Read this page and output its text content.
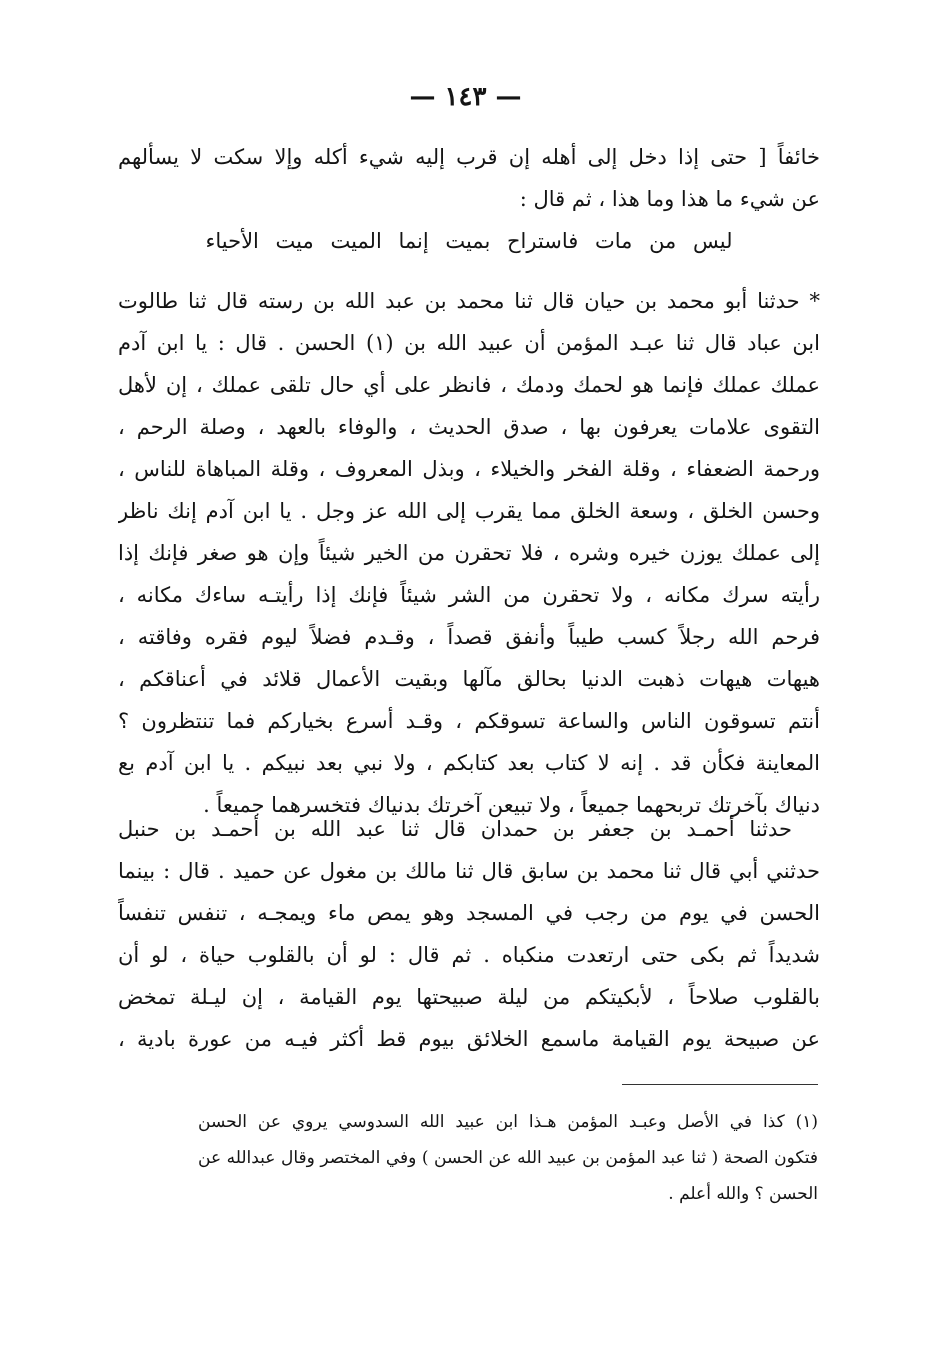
— ١٤٣ —
خائفاً [ حتى إذا دخل إلى أهله إن قرب إليه شيء أكله وإلا سكت لا يسألهم
عن شيء ما هذا وما هذا ، ثم قال :
ليس من مات فاستراح بميت إنما الميت ميت الأحياء
* حدثنا أبو محمد بن حيان قال ثنا محمد بن عبد الله بن رسته قال ثنا طالوت
ابن عباد قال ثنا عبـد المؤمن أن عبيد الله بن (١) الحسن . قال : يا ابن آدم
عملك عملك فإنما هو لحمك ودمك ، فانظر على أي حال تلقى عملك ، إن لأهل
التقوى علامات يعرفون بها ، صدق الحديث ، والوفاء بالعهد ، وصلة الرحم ،
ورحمة الضعفاء ، وقلة الفخر والخيلاء ، وبذل المعروف ، وقلة المباهاة للناس ،
وحسن الخلق ، وسعة الخلق مما يقرب إلى الله عز وجل . يا ابن آدم إنك ناظر
إلى عملك يوزن خيره وشره ، فلا تحقرن من الخير شيئاً وإن هو صغر فإنك إذا
رأيته سرك مكانه ، ولا تحقرن من الشر شيئاً فإنك إذا رأيتـه ساءك مكانه ،
فرحم الله رجلاً كسب طيباً وأنفق قصداً ، وقـدم فضلاً ليوم فقره وفاقته ،
هيهات هيهات ذهبت الدنيا بحالق مآلها وبقيت الأعمال قلائد في أعناقكم ،
أنتم تسوقون الناس والساعة تسوقكم ، وقـد أسرع بخياركم فما تنتظرون ؟
المعاينة فكأن قد . إنه لا كتاب بعد كتابكم ، ولا نبي بعد نبيكم . يا ابن آدم بع
دنياك بآخرتك تربحهما جميعاً ، ولا تبيعن آخرتك بدنياك فتخسرهما جميعاً .
حدثنا أحمـد بن جعفر بن حمدان قال ثنا عبد الله بن أحمـد بن حنبل
حدثني أبي قال ثنا محمد بن سابق قال ثنا مالك بن مغول عن حميد . قال : بينما
الحسن في يوم من رجب في المسجد وهو يمص ماء ويمجـه ، تنفس تنفساً
شديداً ثم بكى حتى ارتعدت منكباه . ثم قال : لو أن بالقلوب حياة ، لو أن
بالقلوب صلاحاً ، لأبكيتكم من ليلة صبيحتها يوم القيامة ، إن ليـلة تمخض
عن صبيحة يوم القيامة ماسمع الخلائق بيوم قط أكثر فيـه من عورة بادية ،
(١) كذا في الأصل وعبـد المؤمن هـذا ابن عبيد الله السدوسي يروي عن الحسن
فتكون الصحة ( ثنا عبد المؤمن بن عبيد الله عن الحسن ) وفي المختصر وقال عبدالله عن
الحسن ؟ والله أعلم .
